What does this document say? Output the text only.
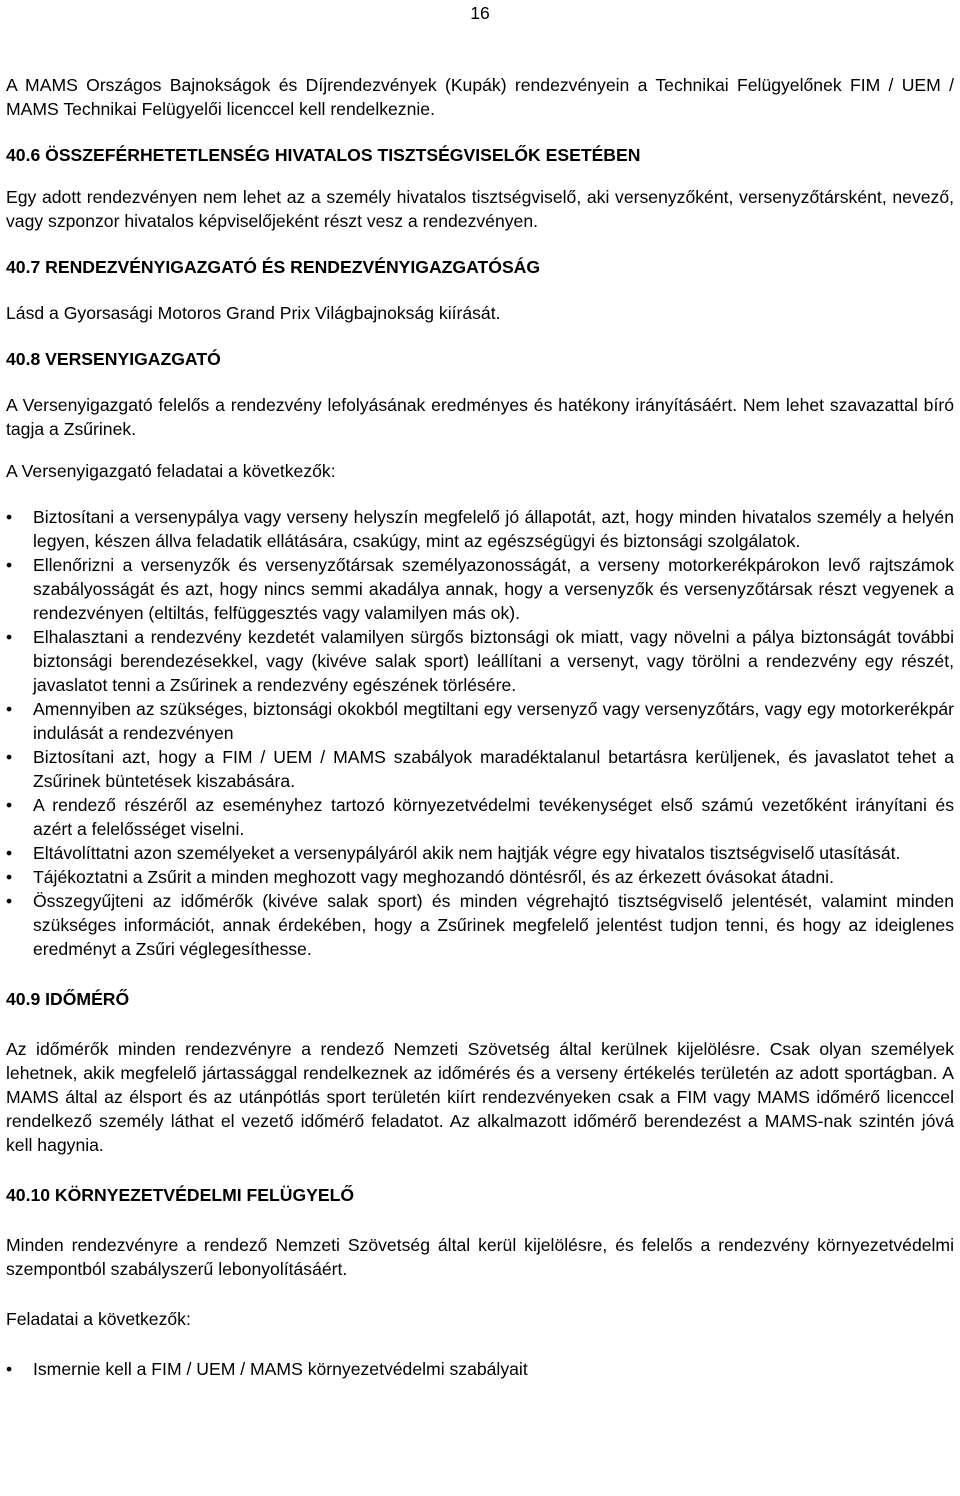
16

A MAMS Országos Bajnokságok és Díjrendezvények (Kupák) rendezvényein a Technikai Felügyelőnek FIM / UEM / MAMS Technikai Felügyelői licenccel kell rendelkeznie.

40.6 ÖSSZEFÉRHETETLENSÉG HIVATALOS TISZTSÉGVISELŐK ESETÉBEN

Egy adott rendezvényen nem lehet az a személy hivatalos tisztségviselő, aki versenyzőként, versenyzőtársként, nevező, vagy szponzor hivatalos képviselőjeként részt vesz a rendezvényen.

40.7 RENDEZVÉNYIGAZGATÓ ÉS RENDEZVÉNYIGAZGATÓSÁG

Lásd a Gyorsasági Motoros Grand Prix Világbajnokság kiírását.

40.8 VERSENYIGAZGATÓ

A Versenyigazgató felelős a rendezvény lefolyásának eredményes és hatékony irányításáért. Nem lehet szavazattal bíró tagja a Zsűrinek.

A Versenyigazgató feladatai a következők:

•	Biztosítani a versenypálya vagy verseny helyszín megfelelő jó állapotát, azt, hogy minden hivatalos személy a helyén legyen, készen állva feladatik ellátására, csakúgy, mint az egészségügyi és biztonsági szolgálatok.
•	Ellenőrizni a versenyzők és versenyzőtársak személyazonosságát, a verseny motorkerékpárokon levő rajtszámok szabályosságát és azt, hogy nincs semmi akadálya annak, hogy a versenyzők és versenyzőtársak részt vegyenek a rendezvényen (eltiltás, felfüggesztés vagy valamilyen más ok).
•	Elhalasztani a rendezvény kezdetét valamilyen sürgős biztonsági ok miatt, vagy növelni a pálya biztonságát további biztonsági berendezésekkel, vagy (kivéve salak sport) leállítani a versenyt, vagy törölni a rendezvény egy részét, javaslatot tenni a Zsűrinek a rendezvény egészének törlésére.
•	Amennyiben az szükséges, biztonsági okokból megtiltani egy versenyző vagy versenyzőtárs, vagy egy motorkerékpár indulását a rendezvényen
•	Biztosítani azt, hogy a FIM / UEM / MAMS szabályok maradéktalanul betartásra kerüljenek, és javaslatot tehet a Zsűrinek büntetések kiszabására.
•	A rendező részéről az eseményhez tartozó környezetvédelmi tevékenységet első számú vezetőként irányítani és azért a felelősséget viselni.
•	Eltávolíttatni azon személyeket a versenypályáról akik nem hajtják végre egy hivatalos tisztségviselő utasítását.
•	Tájékoztatni a Zsűrit a minden meghozott vagy meghozandó döntésről, és az érkezett óvásokat átadni.
•	Összegyűjteni az időmérők (kivéve salak sport) és minden végrehajtó tisztségviselő jelentését, valamint minden szükséges információt, annak érdekében, hogy a Zsűrinek megfelelő jelentést tudjon tenni, és hogy az ideiglenes eredményt a Zsűri véglegesíthesse.
40.9 IDŐMÉRŐ

Az időmérők minden rendezvényre a rendező Nemzeti Szövetség által kerülnek kijelölésre. Csak olyan személyek lehetnek, akik megfelelő jártassággal rendelkeznek az időmérés és a verseny értékelés területén az adott sportágban. A MAMS által az élsport és az utánpótlás sport területén kiírt rendezvényeken csak a FIM vagy MAMS időmérő licenccel rendelkező személy láthat el vezető időmérő feladatot. Az alkalmazott időmérő berendezést a MAMS-nak szintén jóvá kell hagynia.

40.10 KÖRNYEZETVÉDELMI FELÜGYELŐ

Minden rendezvényre a rendező Nemzeti Szövetség által kerül kijelölésre, és felelős a rendezvény környezetvédelmi szempontból szabályszerű lebonyolításáért.

Feladatai a következők:

•	Ismernie kell a FIM / UEM / MAMS környezetvédelmi szabályait
